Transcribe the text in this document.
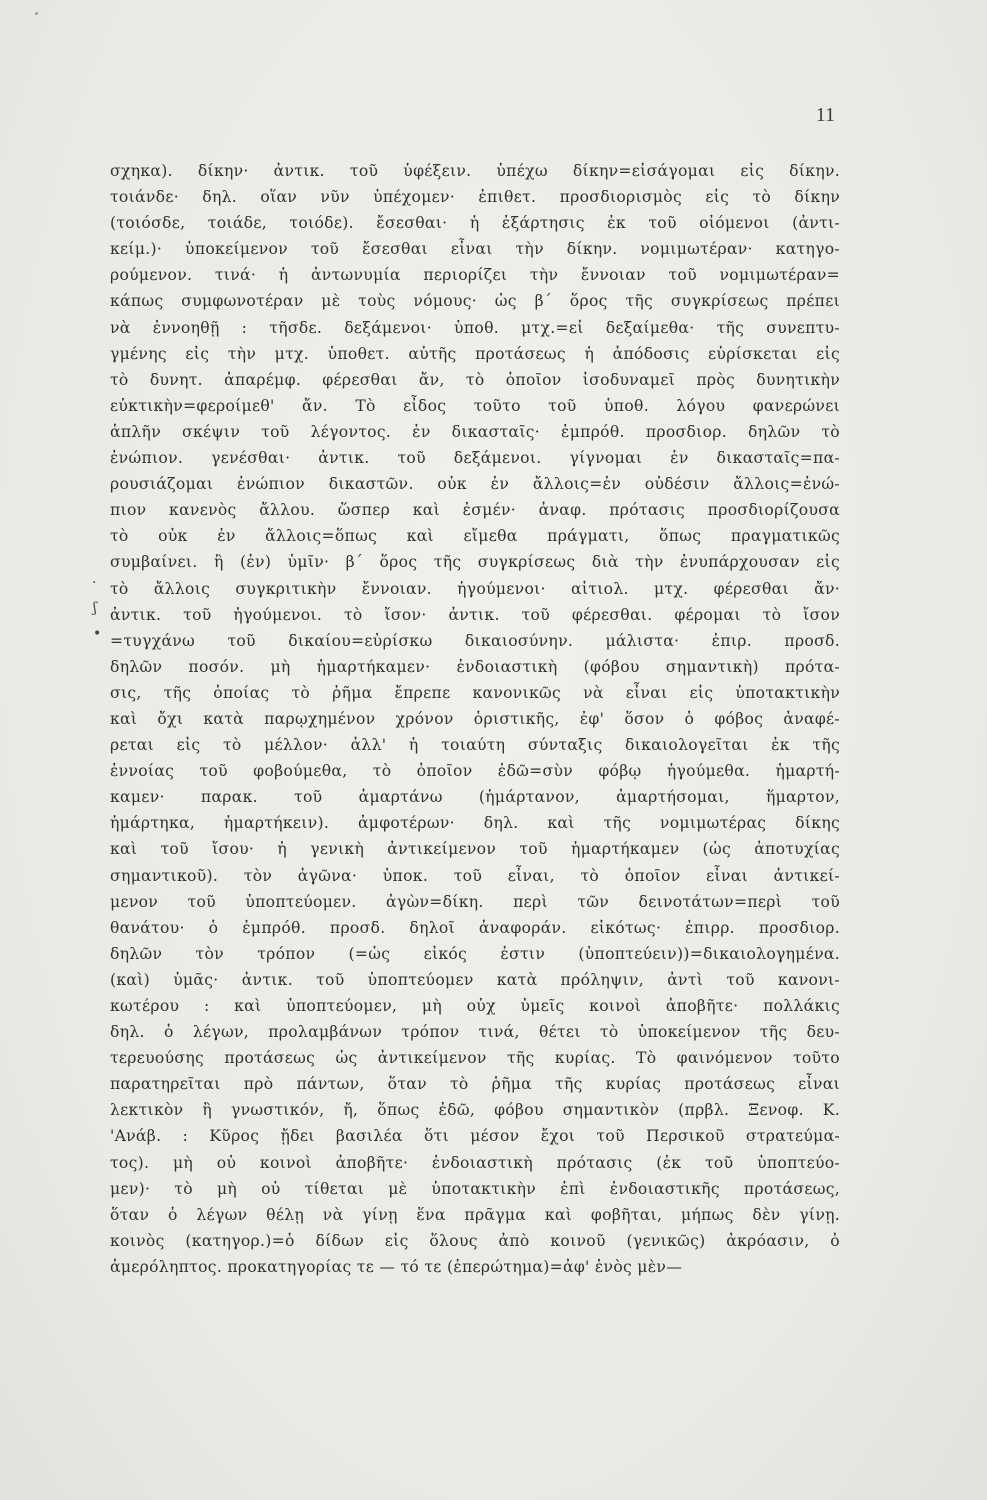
11
.
ʃ
•
σχηκα). δίκην· ἀντικ. τοῦ ὑφέξειν. ὑπέχω δίκην=εἰσάγομαι εἰς δίκην.
τοιάνδε· δηλ. οἵαν νῦν ὑπέχομεν· ἐπιθετ. προσδιορισμὸς εἰς τὸ δίκην
(τοιόσδε, τοιάδε, τοιόδε). ἔσεσθαι· ἡ ἐξάρτησις ἐκ τοῦ οἰόμενοι (ἀντι-
κείμ.)· ὑποκείμενον τοῦ ἔσεσθαι εἶναι τὴν δίκην. νομιμωτέραν· κατηγο-
ρούμενον. τινά· ἡ ἀντωνυμία περιορίζει τὴν ἔννοιαν τοῦ νομιμωτέραν=
κάπως συμφωνοτέραν μὲ τοὺς νόμους· ὡς β΄ ὅρος τῆς συγκρίσεως πρέπει
νὰ ἐννοηθῇ : τῆσδε. δεξάμενοι· ὑποθ. μτχ.=εἰ δεξαίμεθα· τῆς συνεπτυ-
γμένης εἰς τὴν μτχ. ὑποθετ. αὐτῆς προτάσεως ἡ ἀπόδοσις εὑρίσκεται εἰς
τὸ δυνητ. ἀπαρέμφ. φέρεσθαι ἄν, τὸ ὁποῖον ἰσοδυναμεῖ πρὸς δυνητικὴν
εὐκτικὴν=φεροίμεθ' ἄν. Τὸ εἶδος τοῦτο τοῦ ὑποθ. λόγου φανερώνει
ἁπλῆν σκέψιν τοῦ λέγοντος. ἐν δικασταῖς· ἐμπρόθ. προσδιορ. δηλῶν τὸ
ἐνώπιον. γενέσθαι· ἀντικ. τοῦ δεξάμενοι. γίγνομαι ἐν δικασταῖς=πα-
ρουσιάζομαι ἐνώπιον δικαστῶν. οὐκ ἐν ἄλλοις=ἐν οὐδέσιν ἄλλοις=ἐνώ-
πιον κανενὸς ἄλλου. ὥσπερ καὶ ἐσμέν· ἀναφ. πρότασις προσδιορίζουσα
τὸ οὐκ ἐν ἄλλοις=ὅπως καὶ εἴμεθα πράγματι, ὅπως πραγματικῶς
συμβαίνει. ἢ (ἐν) ὑμῖν· β΄ ὅρος τῆς συγκρίσεως διὰ τὴν ἐνυπάρχουσαν εἰς
τὸ ἄλλοις συγκριτικὴν ἔννοιαν. ἡγούμενοι· αἰτιολ. μτχ. φέρεσθαι ἄν·
ἀντικ. τοῦ ἡγούμενοι. τὸ ἴσον· ἀντικ. τοῦ φέρεσθαι. φέρομαι τὸ ἴσον
=τυγχάνω τοῦ δικαίου=εὑρίσκω δικαιοσύνην. μάλιστα· ἐπιρ. προσδ.
δηλῶν ποσόν. μὴ ἡμαρτήκαμεν· ἐνδοιαστικὴ (φόβου σημαντικὴ) πρότα-
σις, τῆς ὁποίας τὸ ῥῆμα ἔπρεπε κανονικῶς νὰ εἶναι εἰς ὑποτακτικὴν
καὶ ὄχι κατὰ παρῳχημένον χρόνον ὁριστικῆς, ἐφ' ὅσον ὁ φόβος ἀναφέ-
ρεται εἰς τὸ μέλλον· ἀλλ' ἡ τοιαύτη σύνταξις δικαιολογεῖται ἐκ τῆς
ἐννοίας τοῦ φοβούμεθα, τὸ ὁποῖον ἐδῶ=σὺν φόβῳ ἡγούμεθα. ἡμαρτή-
καμεν· παρακ. τοῦ ἁμαρτάνω (ἡμάρτανον, ἁμαρτήσομαι, ἥμαρτον,
ἡμάρτηκα, ἡμαρτήκειν). ἀμφοτέρων· δηλ. καὶ τῆς νομιμωτέρας δίκης
καὶ τοῦ ἴσου· ἡ γενικὴ ἀντικείμενον τοῦ ἡμαρτήκαμεν (ὡς ἀποτυχίας
σημαντικοῦ). τὸν ἀγῶνα· ὑποκ. τοῦ εἶναι, τὸ ὁποῖον εἶναι ἀντικεί-
μενον τοῦ ὑποπτεύομεν. ἀγὼν=δίκη. περὶ τῶν δεινοτάτων=περὶ τοῦ
θανάτου· ὁ ἐμπρόθ. προσδ. δηλοῖ ἀναφοράν. εἰκότως· ἐπιρρ. προσδιορ.
δηλῶν τὸν τρόπον (=ὡς εἰκός ἐστιν (ὑποπτεύειν))=δικαιολογημένα.
(καὶ) ὑμᾶς· ἀντικ. τοῦ ὑποπτεύομεν κατὰ πρόληψιν, ἀντὶ τοῦ κανονι-
κωτέρου : καὶ ὑποπτεύομεν, μὴ οὐχ ὑμεῖς κοινοὶ ἀποβῆτε· πολλάκις
δηλ. ὁ λέγων, προλαμβάνων τρόπον τινά, θέτει τὸ ὑποκείμενον τῆς δευ-
τερευούσης προτάσεως ὡς ἀντικείμενον τῆς κυρίας. Τὸ φαινόμενον τοῦτο
παρατηρεῖται πρὸ πάντων, ὅταν τὸ ῥῆμα τῆς κυρίας προτάσεως εἶναι
λεκτικὸν ἢ γνωστικόν, ἤ, ὅπως ἐδῶ, φόβου σημαντικὸν (πρβλ. Ξενοφ. Κ.
'Ανάβ. : Κῦρος ᾔδει βασιλέα ὅτι μέσον ἔχοι τοῦ Περσικοῦ στρατεύμα-
τος). μὴ οὐ κοινοὶ ἀποβῆτε· ἐνδοιαστικὴ πρότασις (ἐκ τοῦ ὑποπτεύο-
μεν)· τὸ μὴ οὐ τίθεται μὲ ὑποτακτικὴν ἐπὶ ἐνδοιαστικῆς προτάσεως,
ὅταν ὁ λέγων θέλῃ νὰ γίνῃ ἕνα πρᾶγμα καὶ φοβῆται, μήπως δὲν γίνῃ.
κοινὸς (κατηγορ.)=ὁ δίδων εἰς ὅλους ἀπὸ κοινοῦ (γενικῶς) ἀκρόασιν, ὁ
ἀμερόληπτος. προκατηγορίας τε — τό τε (ἐπερώτημα)=ἀφ' ἑνὸς μὲν—
